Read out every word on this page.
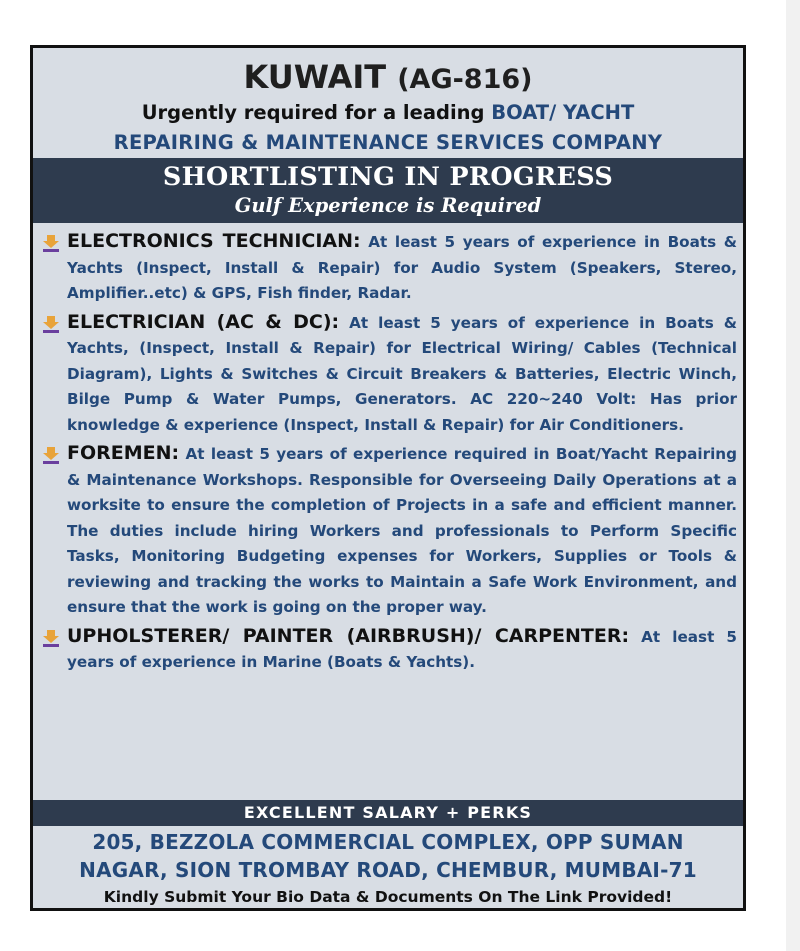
KUWAIT (AG-816)
Urgently required for a leading BOAT/ YACHT
REPAIRING & MAINTENANCE SERVICES COMPANY
SHORTLISTING IN PROGRESS
Gulf Experience is Required
ELECTRONICS TECHNICIAN: At least 5 years of experience in Boats & Yachts (Inspect, Install & Repair) for Audio System (Speakers, Stereo, Amplifier..etc) & GPS, Fish finder, Radar.
ELECTRICIAN (AC & DC): At least 5 years of experience in Boats & Yachts, (Inspect, Install & Repair) for Electrical Wiring/ Cables (Technical Diagram), Lights & Switches & Circuit Breakers & Batteries, Electric Winch, Bilge Pump & Water Pumps, Generators. AC 220~240 Volt: Has prior knowledge & experience (Inspect, Install & Repair) for Air Conditioners.
FOREMEN: At least 5 years of experience required in Boat/Yacht Repairing & Maintenance Workshops. Responsible for Overseeing Daily Operations at a worksite to ensure the completion of Projects in a safe and efficient manner. The duties include hiring Workers and professionals to Perform Specific Tasks, Monitoring Budgeting expenses for Workers, Supplies or Tools & reviewing and tracking the works to Maintain a Safe Work Environment, and ensure that the work is going on the proper way.
UPHOLSTERER/ PAINTER (AIRBRUSH)/ CARPENTER: At least 5 years of experience in Marine (Boats & Yachts).
EXCELLENT SALARY + PERKS
205, BEZZOLA COMMERCIAL COMPLEX, OPP SUMAN
NAGAR, SION TROMBAY ROAD, CHEMBUR, MUMBAI-71
Kindly Submit Your Bio Data & Documents On The Link Provided!
